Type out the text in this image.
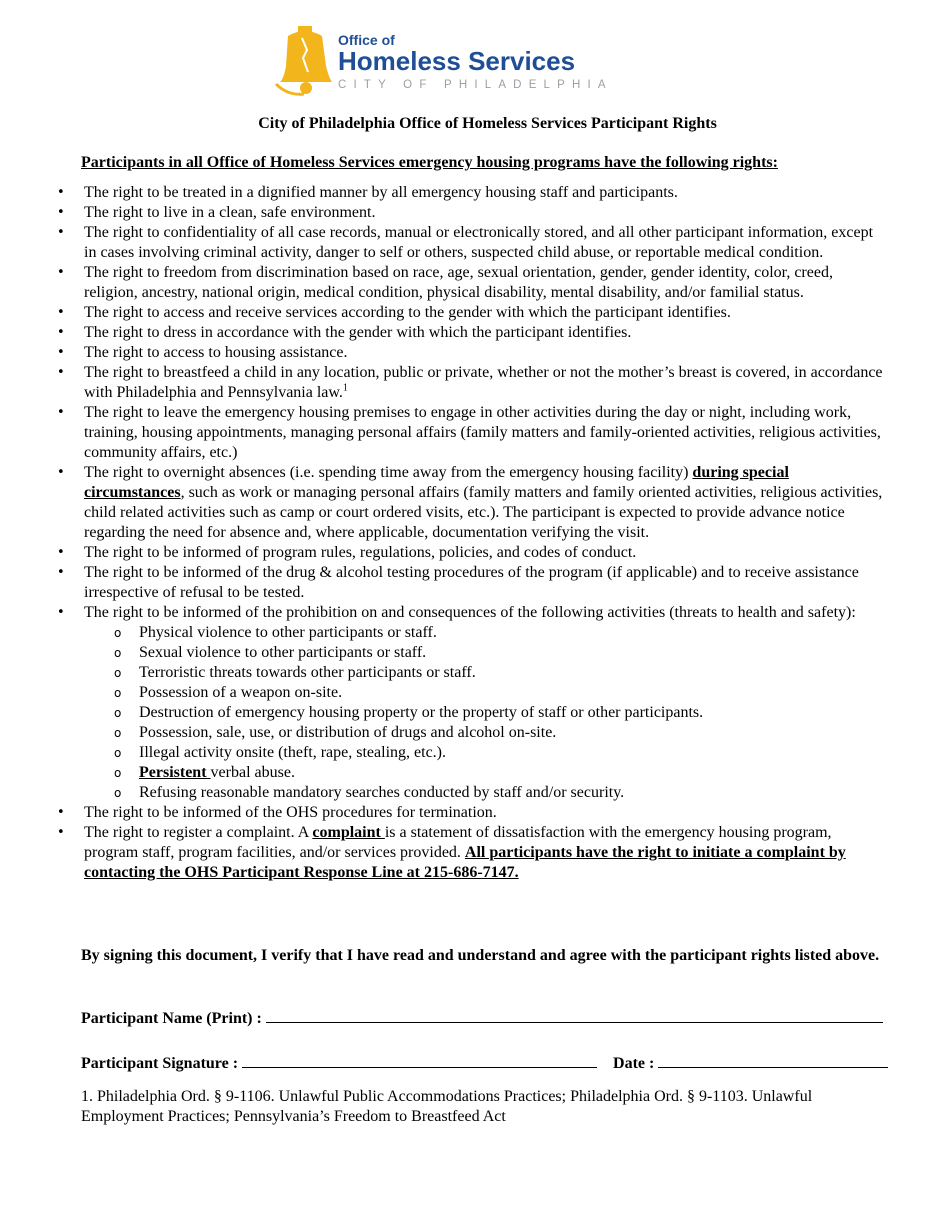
Office of
Homeless Services
CITY OF PHILADELPHIA
City of Philadelphia Office of Homeless Services Participant Rights
Participants in all Office of Homeless Services emergency housing programs have the following rights:
• The right to be treated in a dignified manner by all emergency housing staff and participants.
• The right to live in a clean, safe environment.
• The right to confidentiality of all case records, manual or electronically stored, and all other participant information, except in cases involving criminal activity, danger to self or others, suspected child abuse, or reportable medical condition.
• The right to freedom from discrimination based on race, age, sexual orientation, gender, gender identity, color, creed, religion, ancestry, national origin, medical condition, physical disability, mental disability, and/or familial status.
• The right to access and receive services according to the gender with which the participant identifies.
• The right to dress in accordance with the gender with which the participant identifies.
• The right to access to housing assistance.
• The right to breastfeed a child in any location, public or private, whether or not the mother’s breast is covered, in accordance with Philadelphia and Pennsylvania law.$^1$
• The right to leave the emergency housing premises to engage in other activities during the day or night, including work, training, housing appointments, managing personal affairs (family matters and family-oriented activities, religious activities, community affairs, etc.)
• The right to overnight absences (i.e. spending time away from the emergency housing facility) during special circumstances, such as work or managing personal affairs (family matters and family oriented activities, religious activities, child related activities such as camp or court ordered visits, etc.). The participant is expected to provide advance notice regarding the need for absence and, where applicable, documentation verifying the visit.
• The right to be informed of program rules, regulations, policies, and codes of conduct.
• The right to be informed of the drug & alcohol testing procedures of the program (if applicable) and to receive assistance irrespective of refusal to be tested.
• The right to be informed of the prohibition on and consequences of the following activities (threats to health and safety):
o Physical violence to other participants or staff.
o Sexual violence to other participants or staff.
o Terroristic threats towards other participants or staff.
o Possession of a weapon on-site.
o Destruction of emergency housing property or the property of staff or other participants.
o Possession, sale, use, or distribution of drugs and alcohol on-site.
o Illegal activity onsite (theft, rape, stealing, etc.).
o Persistent verbal abuse.
o Refusing reasonable mandatory searches conducted by staff and/or security.
• The right to be informed of the OHS procedures for termination.
• The right to register a complaint. A complaint is a statement of dissatisfaction with the emergency housing program, program staff, program facilities, and/or services provided. All participants have the right to initiate a complaint by contacting the OHS Participant Response Line at 215-686-7147.
By signing this document, I verify that I have read and understand and agree with the participant rights listed above.
Participant Name (Print) :
Participant Signature :	Date :
1. Philadelphia Ord. § 9-1106. Unlawful Public Accommodations Practices; Philadelphia Ord. § 9-1103. Unlawful Employment Practices; Pennsylvania’s Freedom to Breastfeed Act
